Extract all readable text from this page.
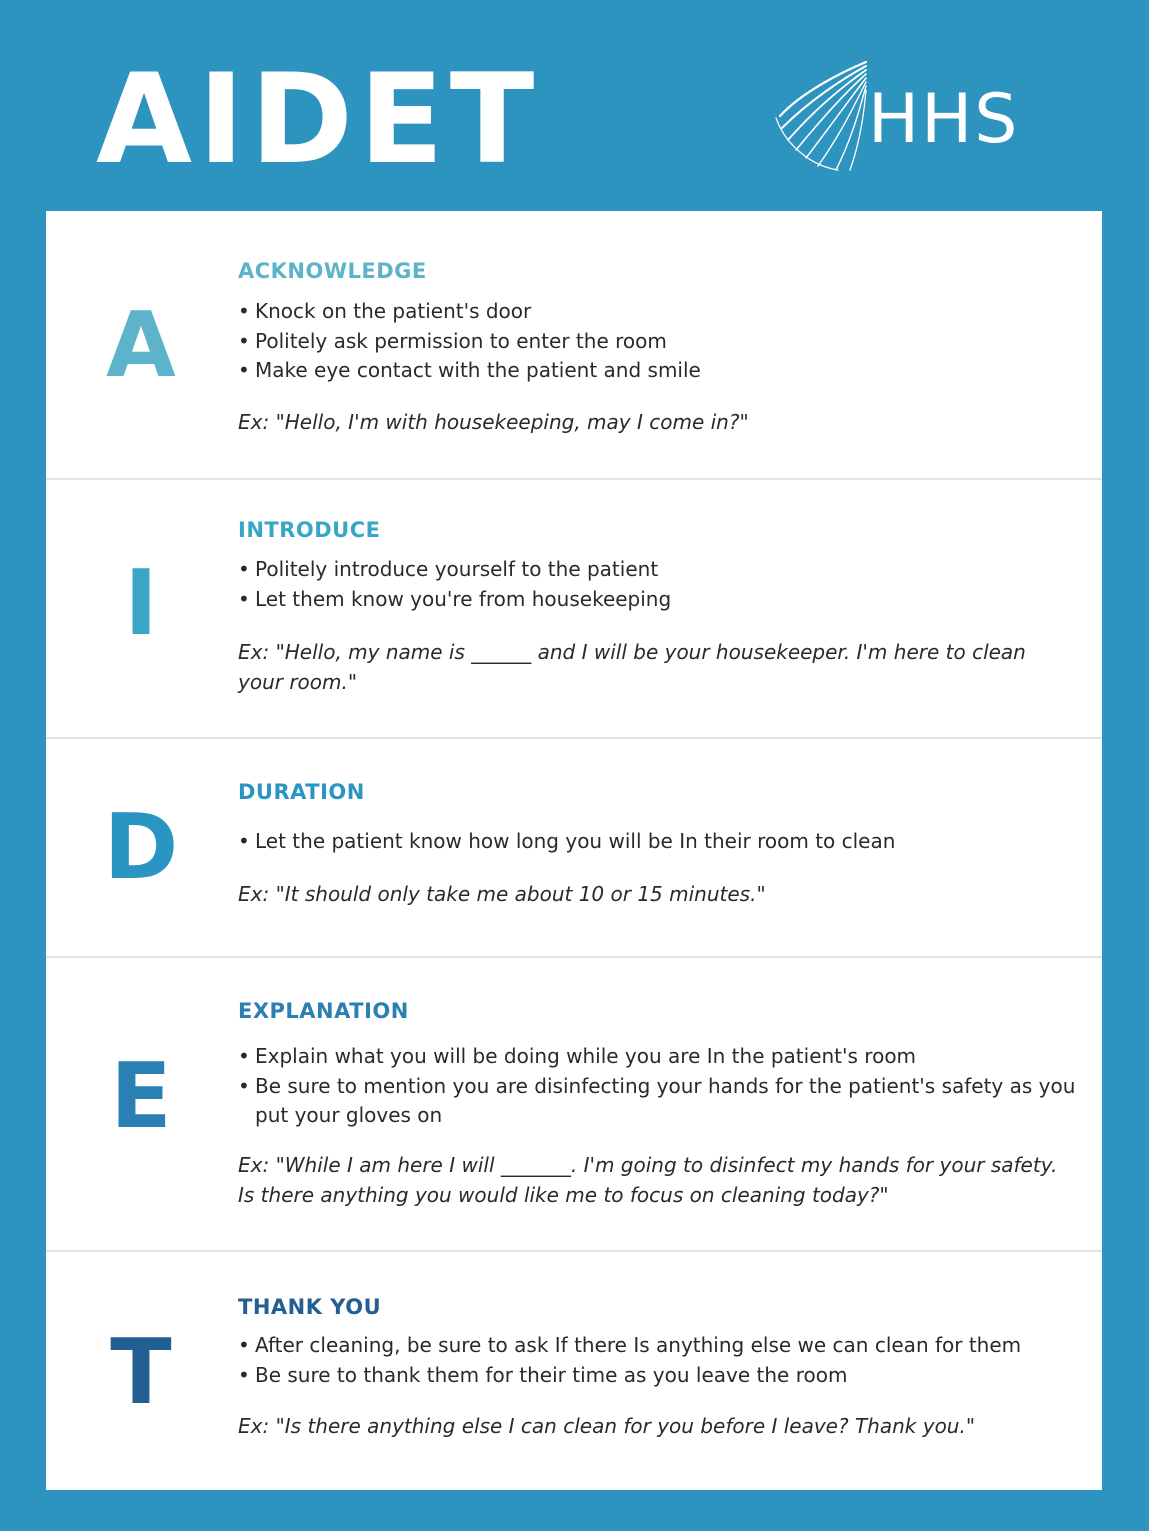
AIDET	HHS
A
ACKNOWLEDGE
• Knock on the patient's door
• Politely ask permission to enter the room
• Make eye contact with the patient and smile
Ex: "Hello, I'm with housekeeping, may I come in?"
I
INTRODUCE
• Politely introduce yourself to the patient
• Let them know you're from housekeeping
Ex: "Hello, my name is ______ and I will be your housekeeper. I'm here to clean your room."
D
DURATION
• Let the patient know how long you will be In their room to clean
Ex: "It should only take me about 10 or 15 minutes."
E
EXPLANATION
• Explain what you will be doing while you are In the patient's room
• Be sure to mention you are disinfecting your hands for the patient's safety as you put your gloves on
Ex: "While I am here I will _______. I'm going to disinfect my hands for your safety. Is there anything you would like me to focus on cleaning today?"
T
THANK YOU
• After cleaning, be sure to ask If there Is anything else we can clean for them
• Be sure to thank them for their time as you leave the room
Ex: "Is there anything else I can clean for you before I leave? Thank you."
